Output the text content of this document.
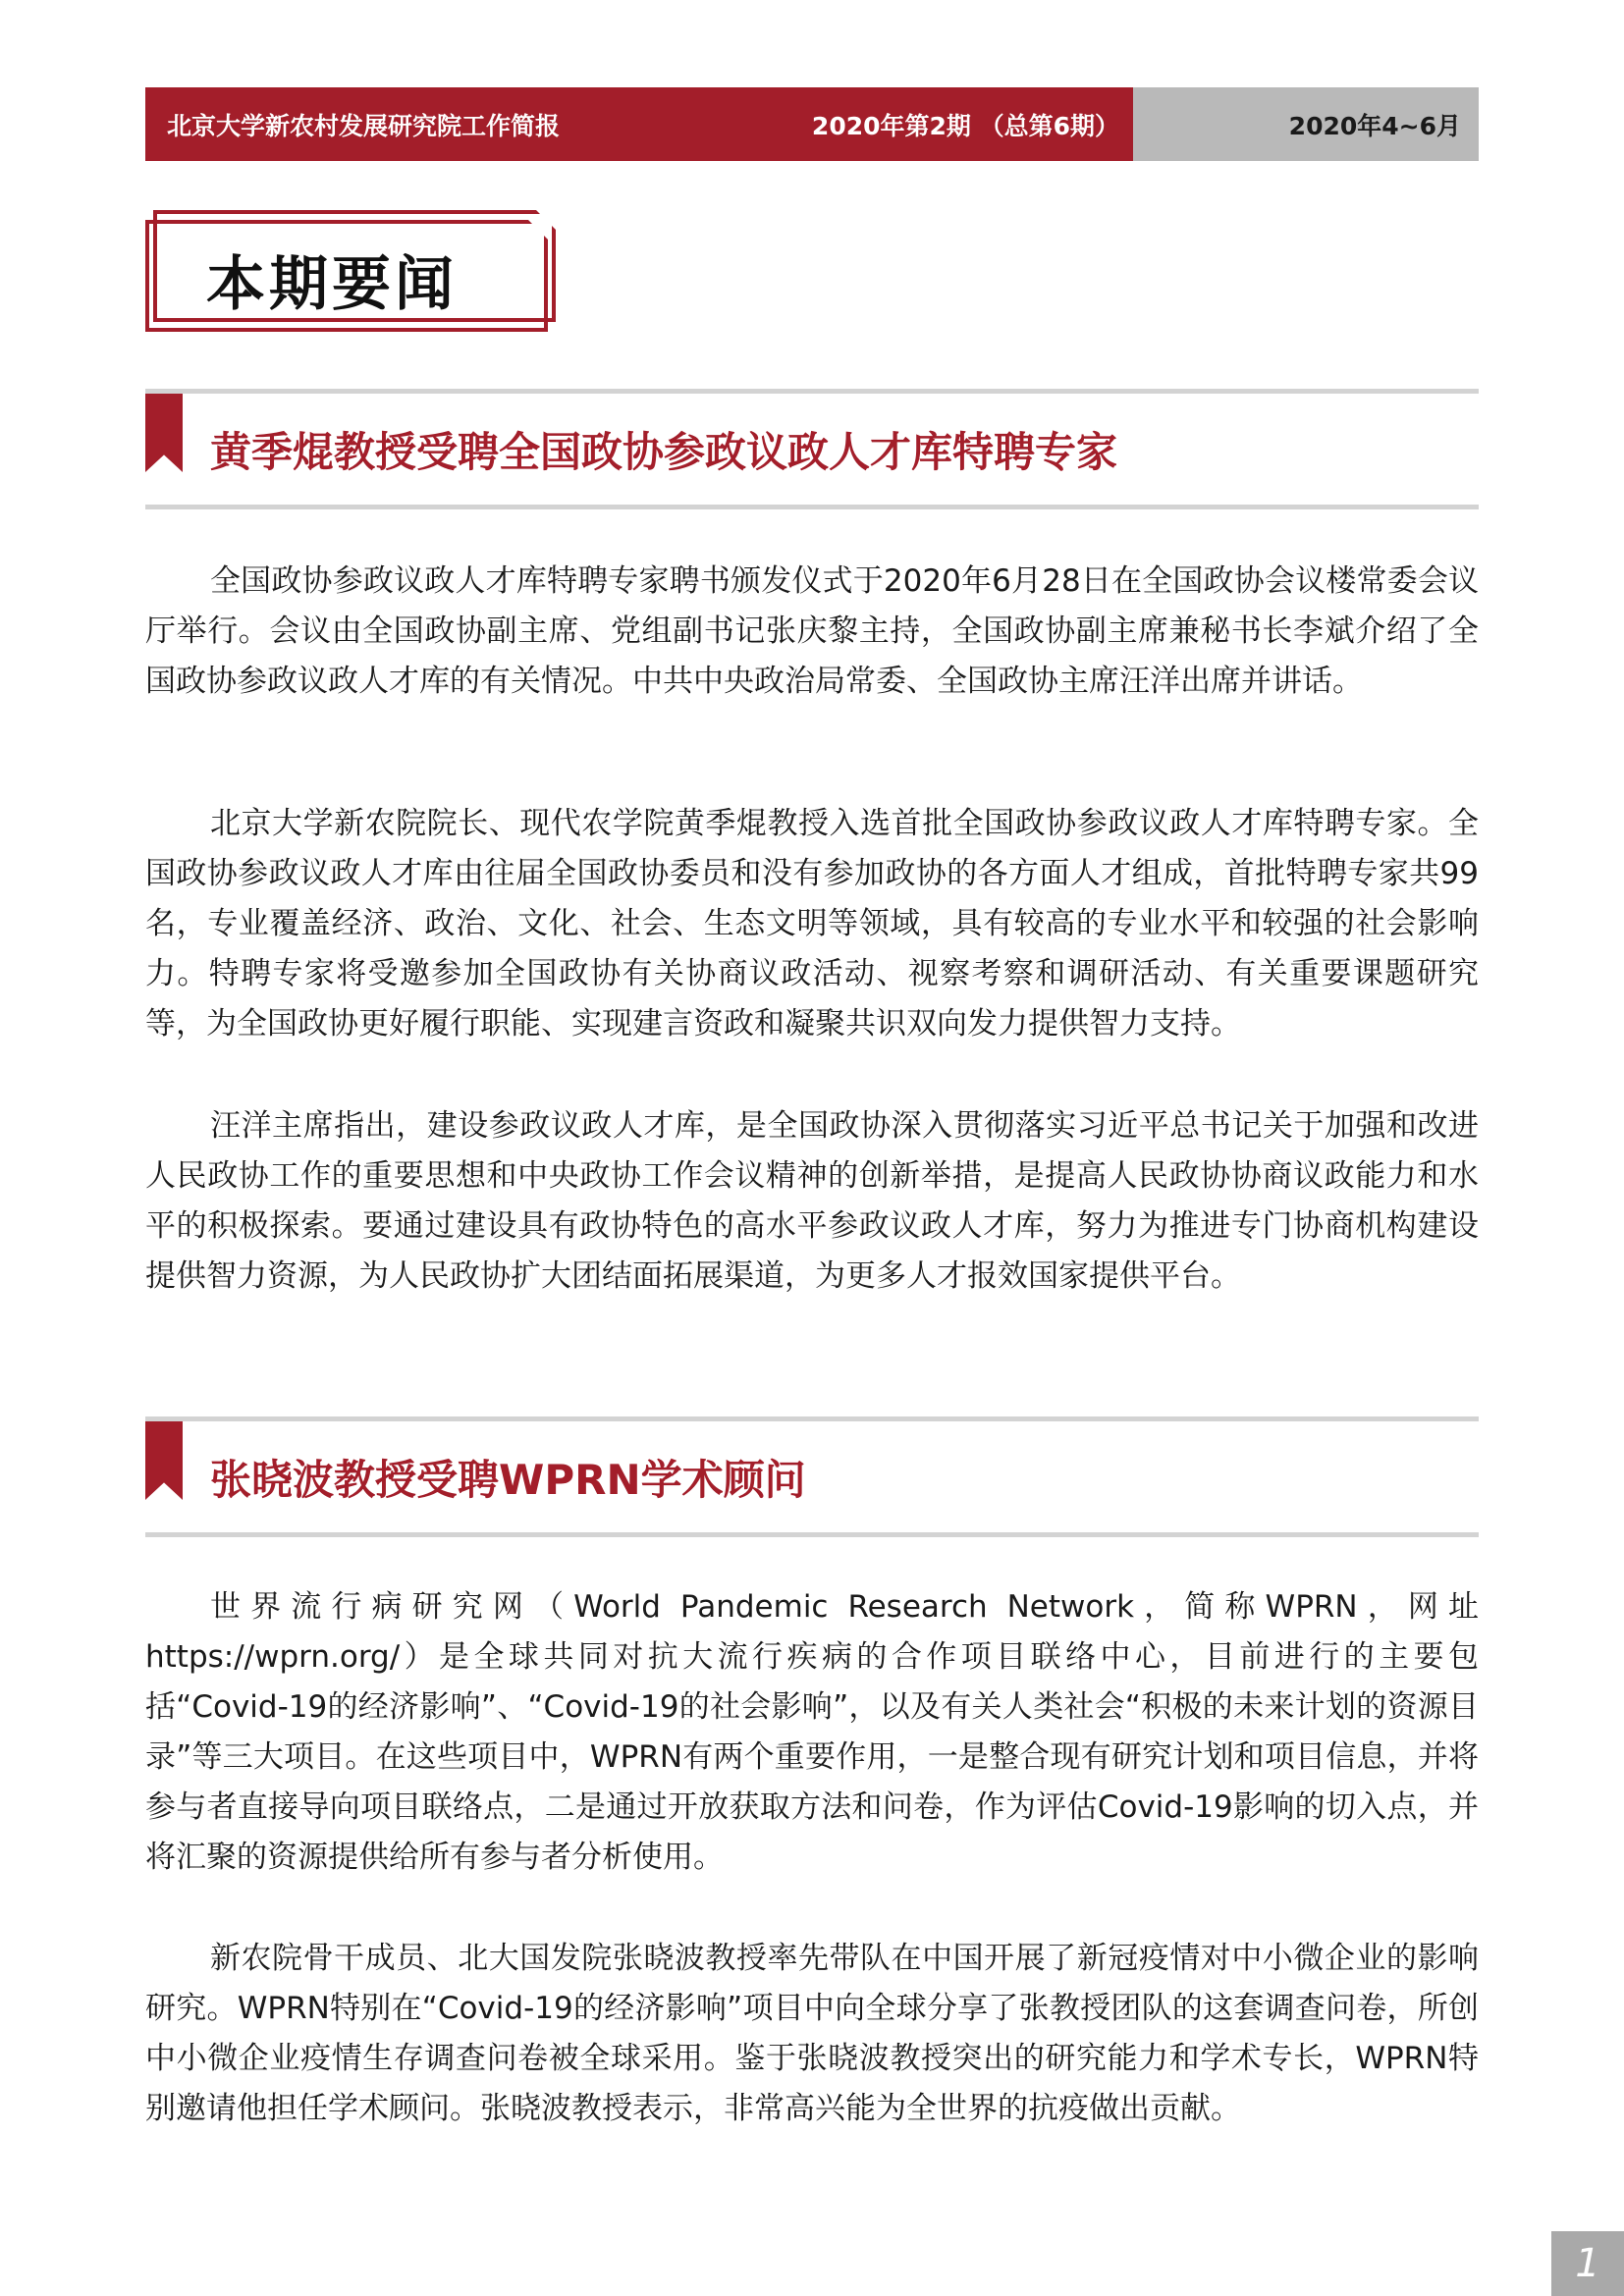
北京大学新农村发展研究院工作简报	2020年第2期 （总第6期）	2020年4~6月
本期要闻
黄季焜教授受聘全国政协参政议政人才库特聘专家

全国政协参政议政人才库特聘专家聘书颁发仪式于2020年6月28日在全国政协会议楼常委会议厅举行。会议由全国政协副主席、党组副书记张庆黎主持，全国政协副主席兼秘书长李斌介绍了全国政协参政议政人才库的有关情况。中共中央政治局常委、全国政协主席汪洋出席并讲话。

北京大学新农院院长、现代农学院黄季焜教授入选首批全国政协参政议政人才库特聘专家。全国政协参政议政人才库由往届全国政协委员和没有参加政协的各方面人才组成，首批特聘专家共99名，专业覆盖经济、政治、文化、社会、生态文明等领域，具有较高的专业水平和较强的社会影响力。特聘专家将受邀参加全国政协有关协商议政活动、视察考察和调研活动、有关重要课题研究等，为全国政协更好履行职能、实现建言资政和凝聚共识双向发力提供智力支持。

汪洋主席指出，建设参政议政人才库，是全国政协深入贯彻落实习近平总书记关于加强和改进人民政协工作的重要思想和中央政协工作会议精神的创新举措，是提高人民政协协商议政能力和水平的积极探索。要通过建设具有政协特色的高水平参政议政人才库，努力为推进专门协商机构建设提供智力资源，为人民政协扩大团结面拓展渠道，为更多人才报效国家提供平台。

张晓波教授受聘WPRN学术顾问

世界流行病研究网（World Pandemic Research Network，简称WPRN，网址https://wprn.org/）是全球共同对抗大流行疾病的合作项目联络中心，目前进行的主要包括“Covid-19的经济影响”、“Covid-19的社会影响”，以及有关人类社会“积极的未来计划的资源目录”等三大项目。在这些项目中，WPRN有两个重要作用，一是整合现有研究计划和项目信息，并将参与者直接导向项目联络点，二是通过开放获取方法和问卷，作为评估Covid-19影响的切入点，并将汇聚的资源提供给所有参与者分析使用。

新农院骨干成员、北大国发院张晓波教授率先带队在中国开展了新冠疫情对中小微企业的影响研究。WPRN特别在“Covid-19的经济影响”项目中向全球分享了张教授团队的这套调查问卷，所创中小微企业疫情生存调查问卷被全球采用。鉴于张晓波教授突出的研究能力和学术专长，WPRN特别邀请他担任学术顾问。张晓波教授表示，非常高兴能为全世界的抗疫做出贡献。

1
